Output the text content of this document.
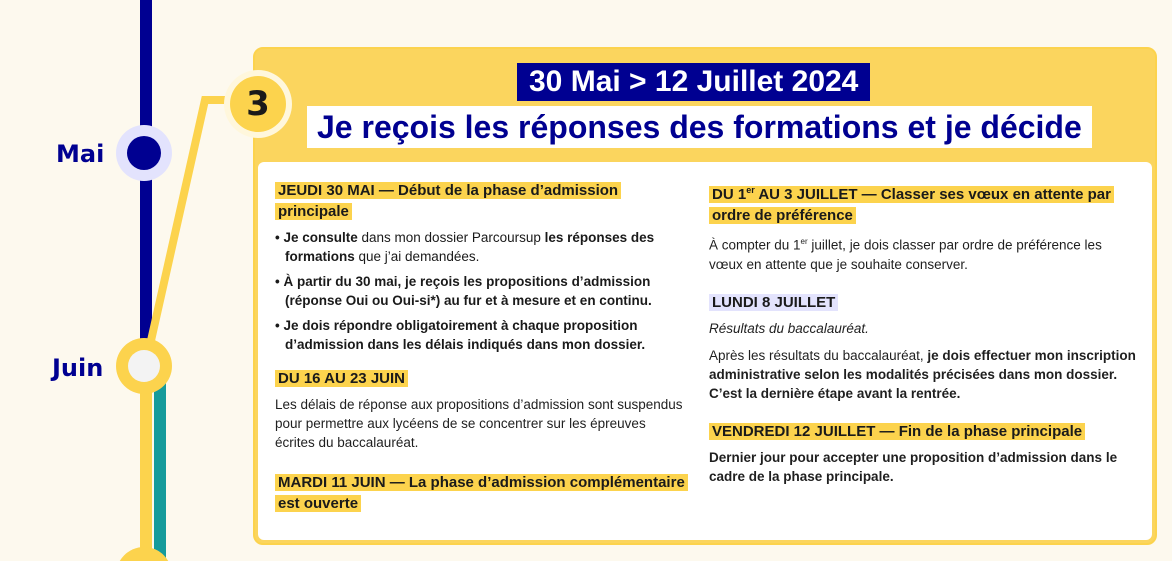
Mai
Juin
3
30 Mai > 12 Juillet 2024
Je reçois les réponses des formations et je décide
JEUDI 30 MAI — Début de la phase d’admission principale
• Je consulte dans mon dossier Parcoursup les réponses des formations que j’ai demandées.
• À partir du 30 mai, je reçois les propositions d’admission (réponse Oui ou Oui-si*) au fur et à mesure et en continu.
• Je dois répondre obligatoirement à chaque proposition d’admission dans les délais indiqués dans mon dossier.
DU 16 AU 23 JUIN

Les délais de réponse aux propositions d’admission sont suspendus pour permettre aux lycéens de se concentrer sur les épreuves écrites du baccalauréat.

MARDI 11 JUIN — La phase d’admission complémentaire est ouverte
DU 1er AU 3 JUILLET — Classer ses vœux en attente par ordre de préférence

À compter du 1er juillet, je dois classer par ordre de préférence les vœux en attente que je souhaite conserver.

LUNDI 8 JUILLET

Résultats du baccalauréat.

Après les résultats du baccalauréat, je dois effectuer mon inscription administrative selon les modalités précisées dans mon dossier. C’est la dernière étape avant la rentrée.

VENDREDI 12 JUILLET — Fin de la phase principale

Dernier jour pour accepter une proposition d’admission dans le cadre de la phase principale.
